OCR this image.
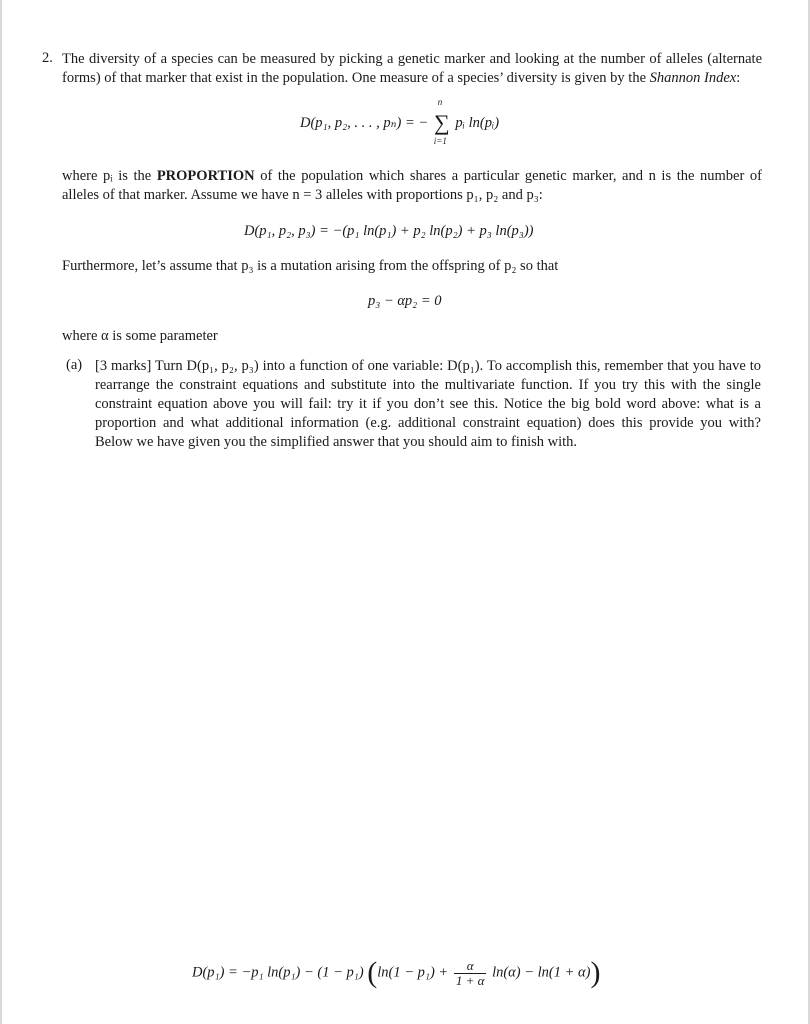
2. The diversity of a species can be measured by picking a genetic marker and looking at the number of alleles (alternate forms) of that marker that exist in the population. One measure of a species’ diversity is given by the Shannon Index:
D(p₁, p₂, . . . , pₙ) = −
n
∑
i=1
pᵢ ln(pᵢ)
where pᵢ is the PROPORTION of the population which shares a particular genetic marker, and n is the number of alleles of that marker. Assume we have n = 3 alleles with proportions p₁, p₂ and p₃:
D(p₁, p₂, p₃) = −(p₁ ln(p₁) + p₂ ln(p₂) + p₃ ln(p₃))
Furthermore, let’s assume that p₃ is a mutation arising from the offspring of p₂ so that
p₃ − αp₂ = 0
where α is some parameter
(a) [3 marks] Turn D(p₁, p₂, p₃) into a function of one variable: D(p₁). To accomplish this, remember that you have to rearrange the constraint equations and substitute into the multivariate function. If you try this with the single constraint equation above you will fail: try it if you don’t see this. Notice the big bold word above: what is a proportion and what additional information (e.g. additional constraint equation) does this provide you with? Below we have given you the simplified answer that you should aim to finish with.
D(p₁) = −p₁ ln(p₁) − (1 − p₁) $(\ln(1 - p_1) + \frac{\alpha}{1 + \alpha} \ln(\alpha) - \ln(1 + \alpha))$
